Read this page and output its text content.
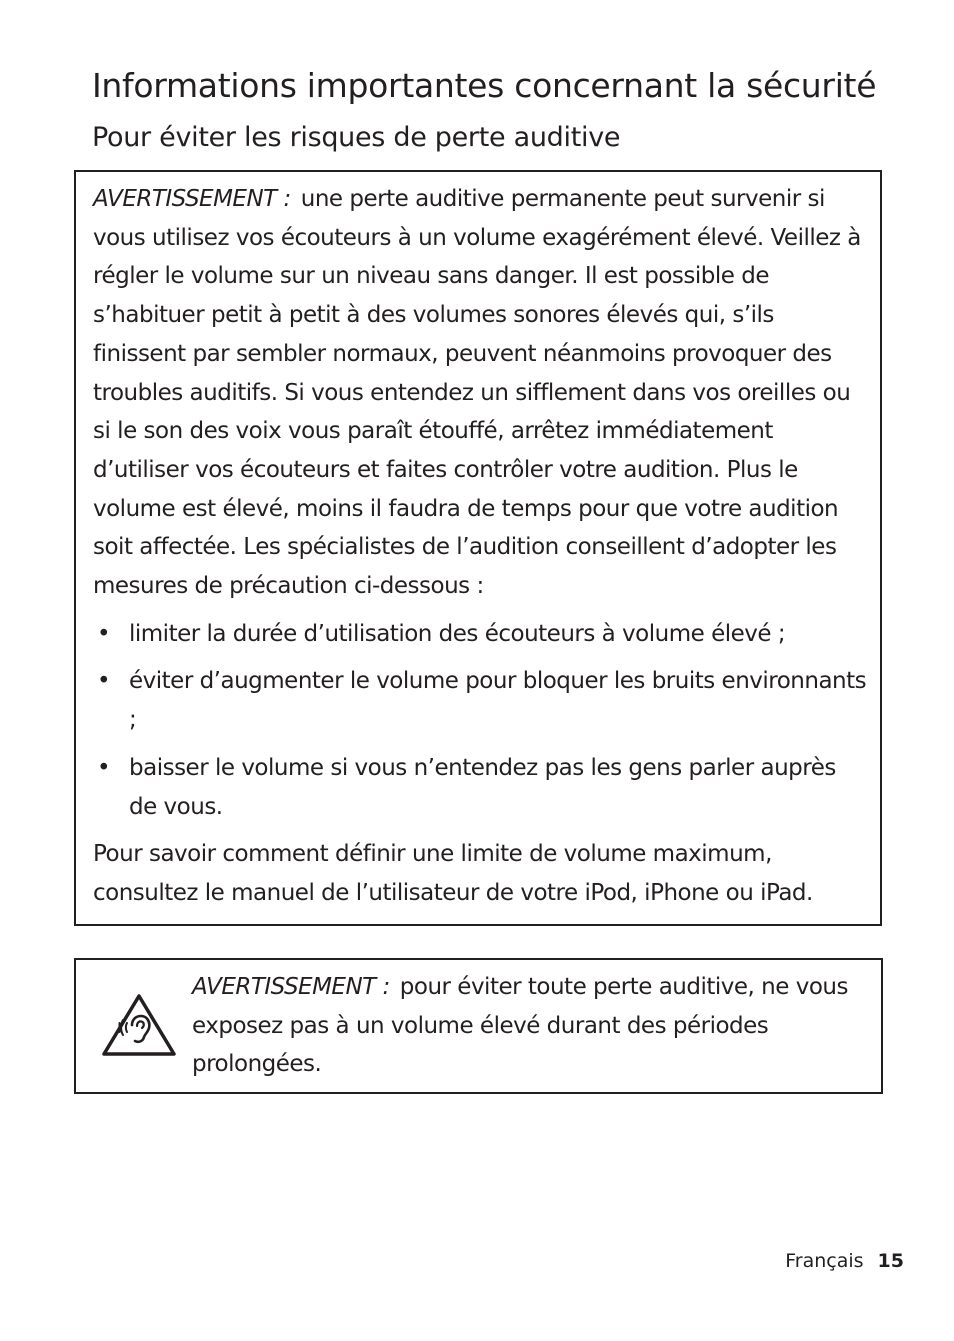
Informations importantes concernant la sécurité
Pour éviter les risques de perte auditive

AVERTISSEMENT : une perte auditive permanente peut survenir si vous utilisez vos écouteurs à un volume exagérément élevé. Veillez à régler le volume sur un niveau sans danger. Il est possible de s’habituer petit à petit à des volumes sonores élevés qui, s’ils finissent par sembler normaux, peuvent néanmoins provoquer des troubles auditifs. Si vous entendez un sifflement dans vos oreilles ou si le son des voix vous paraît étouffé, arrêtez immédiatement d’utiliser vos écouteurs et faites contrôler votre audition. Plus le volume est élevé, moins il faudra de temps pour que votre audition soit affectée. Les spécialistes de l’audition conseillent d’adopter les mesures de précaution ci-dessous :

• limiter la durée d’utilisation des écouteurs à volume élevé ;
• éviter d’augmenter le volume pour bloquer les bruits environnants ;
• baisser le volume si vous n’entendez pas les gens parler auprès de vous.

Pour savoir comment définir une limite de volume maximum, consultez le manuel de l’utilisateur de votre iPod, iPhone ou iPad.

AVERTISSEMENT : pour éviter toute perte auditive, ne vous exposez pas à un volume élevé durant des périodes prolongées.

Français 15
